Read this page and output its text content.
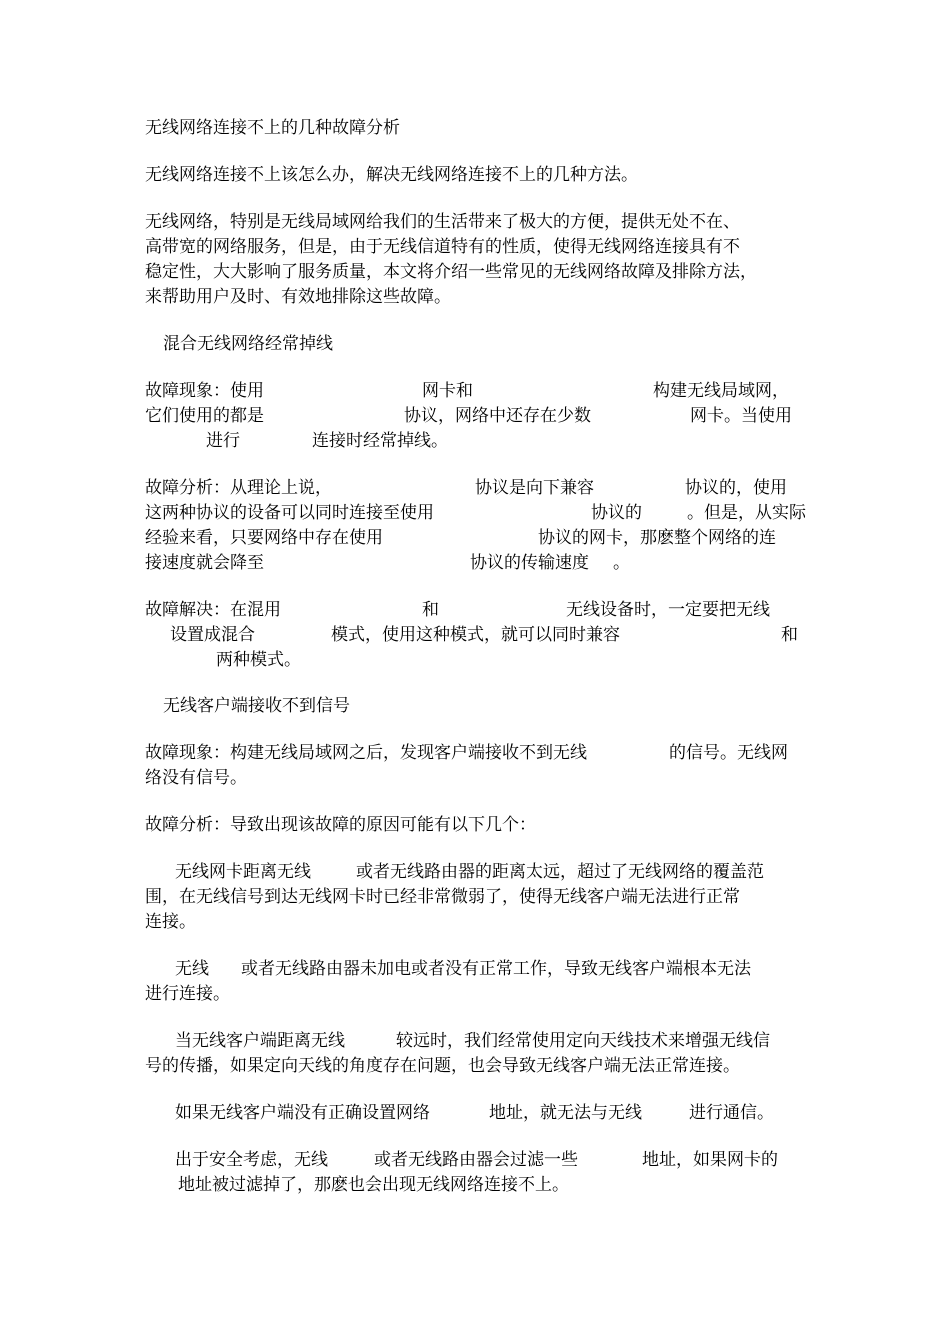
无线网络连接不上的几种故障分析
无线网络连接不上该怎么办，解决无线网络连接不上的几种方法。
无线网络，特别是无线局域网给我们的生活带来了极大的方便，提供无处不在、
高带宽的网络服务，但是，由于无线信道特有的性质，使得无线网络连接具有不
稳定性，大大影响了服务质量，本文将介绍一些常见的无线网络故障及排除方法，
来帮助用户及时、有效地排除这些故障。
混合无线网络经常掉线
故障现象：使用	网卡和	构建无线局域网，
它们使用的都是	协议，网络中还存在少数	网卡。当使用
进行	连接时经常掉线。
故障分析：从理论上说，	协议是向下兼容	协议的，使用
这两种协议的设备可以同时连接至使用	协议的	。但是，从实际
经验来看，只要网络中存在使用	协议的网卡，那麽整个网络的连
接速度就会降至	协议的传输速度 。
故障解决：在混用	和	无线设备时，一定要把无线
设置成混合	模式，使用这种模式，就可以同时兼容	和
两种模式。
无线客户端接收不到信号
故障现象：构建无线局域网之后，发现客户端接收不到无线	的信号。无线网
络没有信号。
故障分析：导致出现该故障的原因可能有以下几个：
无线网卡距离无线	或者无线路由器的距离太远，超过了无线网络的覆盖范
围，在无线信号到达无线网卡时已经非常微弱了，使得无线客户端无法进行正常
连接。
无线 或者无线路由器未加电或者没有正常工作，导致无线客户端根本无法
进行连接。
当无线客户端距离无线	较远时，我们经常使用定向天线技术来增强无线信
号的传播，如果定向天线的角度存在问题，也会导致无线客户端无法正常连接。
如果无线客户端没有正确设置网络	地址，就无法与无线	进行通信。
出于安全考虑，无线	或者无线路由器会过滤一些	地址，如果网卡的
地址被过滤掉了，那麽也会出现无线网络连接不上。
